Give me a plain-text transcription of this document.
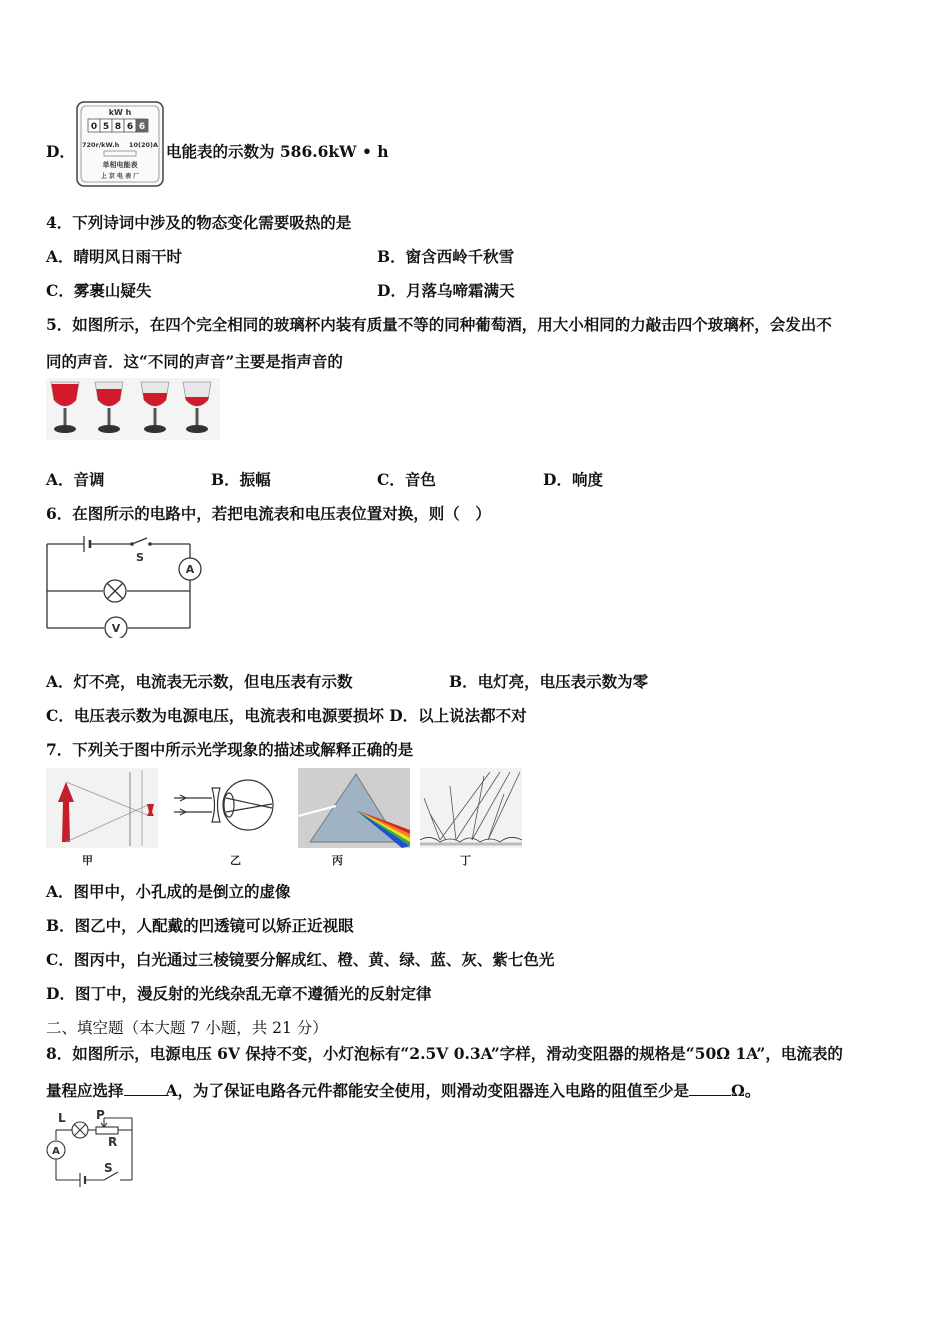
D．
kW h
0 5 8 6 6
720r/kW.h 10(20)A
单相电能表
上 京 电 表 厂
电能表的示数为 586.6kW • h
4．下列诗词中涉及的物态变化需要吸热的是
A．晴明风日雨干时	B．窗含西岭千秋雪
C．雾裹山疑失	D．月落乌啼霜满天
5．如图所示，在四个完全相同的玻璃杯内装有质量不等的同种葡萄酒，用大小相同的力敲击四个玻璃杯，会发出不
同的声音．这“不同的声音”主要是指声音的
A．音调	B．振幅	C．音色	D．响度
6．在图所示的电路中，若把电流表和电压表位置对换，则（　）
S
A
V
A．灯不亮，电流表无示数，但电压表有示数	B．电灯亮，电压表示数为零
C．电压表示数为电源电压，电流表和电源要损坏 D．以上说法都不对
7．下列关于图中所示光学现象的描述或解释正确的是
甲	乙	丙	丁
A．图甲中，小孔成的是倒立的虚像
B．图乙中，人配戴的凹透镜可以矫正近视眼
C．图丙中，白光通过三棱镜要分解成红、橙、黄、绿、蓝、灰、紫七色光
D．图丁中，漫反射的光线杂乱无章不遵循光的反射定律
二、填空题（本大题 7 小题，共 21 分）
8．如图所示，电源电压 6V 保持不变，小灯泡标有“2.5V 0.3A”字样，滑动变阻器的规格是“50Ω 1A”，电流表的
量程应选择	A，为了保证电路各元件都能安全使用，则滑动变阻器连入电路的阻值至少是	Ω。
L	P
R
A
S
